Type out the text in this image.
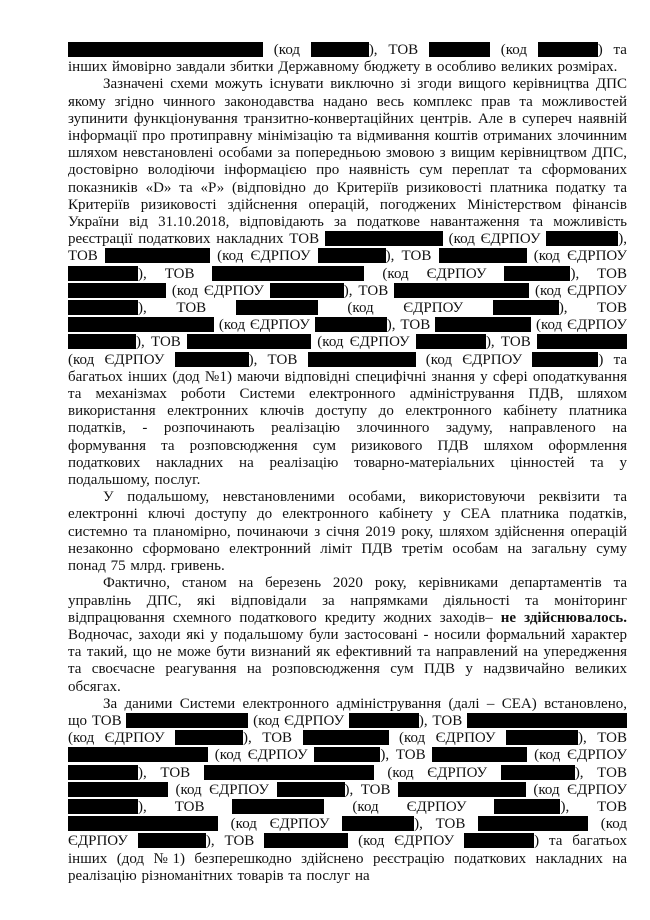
(код	), ТОВ	(код	) та інших ймовірно завдали збитки Державному бюджету в особливо великих розмірах.

Зазначені схеми можуть існувати виключно зі згоди вищого керівництва ДПС якому згідно чинного законодавства надано весь комплекс прав та можливостей зупинити функціонування транзитно-конвертаційних центрів. Але в супереч наявній інформації про протиправну мінімізацію та відмивання коштів отриманих злочинним шляхом невстановлені особами за попередньою змовою з вищим керівництвом ДПС, достовірно володіючи інформацією про наявність сум переплат та сформованих показників «D» та «Р» (відповідно до Критеріїв ризиковості платника податку та Критеріїв ризиковості здійснення операцій, погоджених Міністерством фінансів України від 31.10.2018, відповідають за податкове навантаження та можливість реєстрації податкових накладних ТОВ	(код ЄДРПОУ	), ТОВ	(код ЄДРПОУ	), ТОВ	(код ЄДРПОУ ), ТОВ	(код ЄДРПОУ	), ТОВ  (код ЄДРПОУ	), ТОВ	(код ЄДРПОУ ), ТОВ	(код ЄДРПОУ	), ТОВ  (код ЄДРПОУ	), ТОВ	(код ЄДРПОУ ), ТОВ	(код ЄДРПОУ	), ТОВ  (код ЄДРПОУ	), ТОВ	(код ЄДРПОУ	) та багатьох інших (дод №1) маючи відповідні специфічні знання у сфері оподаткування та механізмах роботи Системи електронного адміністрування ПДВ, шляхом використання електронних ключів доступу до електронного кабінету платника податків, - розпочинають реалізацію злочинного задуму, направленого на формування та розповсюдження сум ризикового ПДВ шляхом оформлення податкових накладних на реалізацію товарно-матеріальних цінностей та у подальшому, послуг.

У подальшому, невстановленими особами, використовуючи реквізити та електронні ключі доступу до електронного кабінету у СЕА платника податків, системно та планомірно, починаючи з січня 2019 року, шляхом здійснення операцій незаконно сформовано електронний ліміт ПДВ третім особам на загальну суму понад 75 млрд. гривень.

Фактично, станом на березень 2020 року, керівниками департаментів та управлінь ДПС, які відповідали за напрямками діяльності та моніторинг відпрацювання схемного податкового кредиту жодних заходів– не здійснювалось. Водночас, заходи які у подальшому були застосовані - носили формальний характер та такий, що не може бути визнаний як ефективний та направлений на упередження та своєчасне реагування на розповсюдження сум ПДВ у надзвичайно великих обсягах.

За даними Системи електронного адміністрування (далі – СЕА) встановлено, що ТОВ	(код ЄДРПОУ	), ТОВ  (код ЄДРПОУ	), ТОВ	(код ЄДРПОУ	), ТОВ  (код ЄДРПОУ	), ТОВ	(код ЄДРПОУ ), ТОВ	(код ЄДРПОУ	), ТОВ  (код ЄДРПОУ	), ТОВ	(код ЄДРПОУ ), ТОВ	(код ЄДРПОУ	), ТОВ  (код ЄДРПОУ	), ТОВ	(код ЄДРПОУ	), ТОВ	(код ЄДРПОУ	) та багатьох інших (дод №1) безперешкодно здійснено реєстрацію податкових накладних на реалізацію різноманітних товарів та послуг на
